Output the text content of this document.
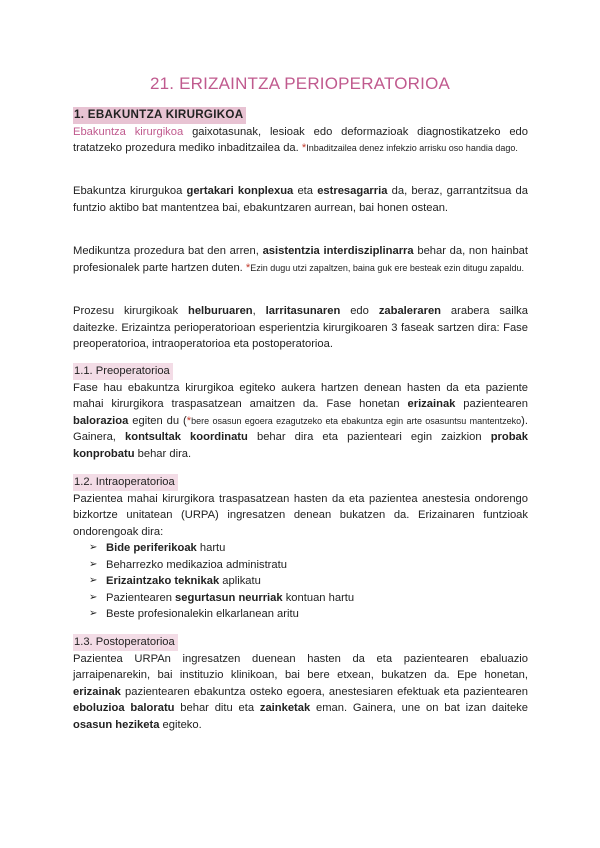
21. ERIZAINTZA PERIOPERATORIOA
1. EBAKUNTZA KIRURGIKOA

Ebakuntza kirurgikoa gaixotasunak, lesioak edo deformazioak diagnostikatzeko edo tratatzeko prozedura mediko inbaditzailea da. *Inbaditzailea denez infekzio arrisku oso handia dago.

Ebakuntza kirurgukoa gertakari konplexua eta estresagarria da, beraz, garrantzitsua da funtzio aktibo bat mantentzea bai, ebakuntzaren aurrean, bai honen ostean.

Medikuntza prozedura bat den arren, asistentzia interdisziplinarra behar da, non hainbat profesionalek parte hartzen duten. *Ezin dugu utzi zapaltzen, baina guk ere besteak ezin ditugu zapaldu.

Prozesu kirurgikoak helburuaren, larritasunaren edo zabaleraren arabera sailka daitezke. Erizaintza perioperatorioan esperientzia kirurgikoaren 3 faseak sartzen dira: Fase preoperatorioa, intraoperatorioa eta postoperatorioa.

1.1. Preoperatorioa

Fase hau ebakuntza kirurgikoa egiteko aukera hartzen denean hasten da eta paziente mahai kirurgikora traspasatzean amaitzen da. Fase honetan erizainak pazientearen balorazioa egiten du (*bere osasun egoera ezagutzeko eta ebakuntza egin arte osasuntsu mantentzeko). Gainera, kontsultak koordinatu behar dira eta pazienteari egin zaizkion probak konprobatu behar dira.

1.2. Intraoperatorioa

Pazientea mahai kirurgikora traspasatzean hasten da eta pazientea anestesia ondorengo bizkortze unitatean (URPA) ingresatzen denean bukatzen da. Erizainaren funtzioak ondorengoak dira:

➢ Bide periferikoak hartu
➢ Beharrezko medikazioa administratu
➢ Erizaintzako teknikak aplikatu
➢ Pazientearen segurtasun neurriak kontuan hartu
➢ Beste profesionalekin elkarlanean aritu
1.3. Postoperatorioa

Pazientea URPAn ingresatzen duenean hasten da eta pazientearen ebaluazio jarraipenarekin, bai instituzio klinikoan, bai bere etxean, bukatzen da. Epe honetan, erizainak pazientearen ebakuntza osteko egoera, anestesiaren efektuak eta pazientearen eboluzioa baloratu behar ditu eta zainketak eman. Gainera, une on bat izan daiteke osasun heziketa egiteko.
